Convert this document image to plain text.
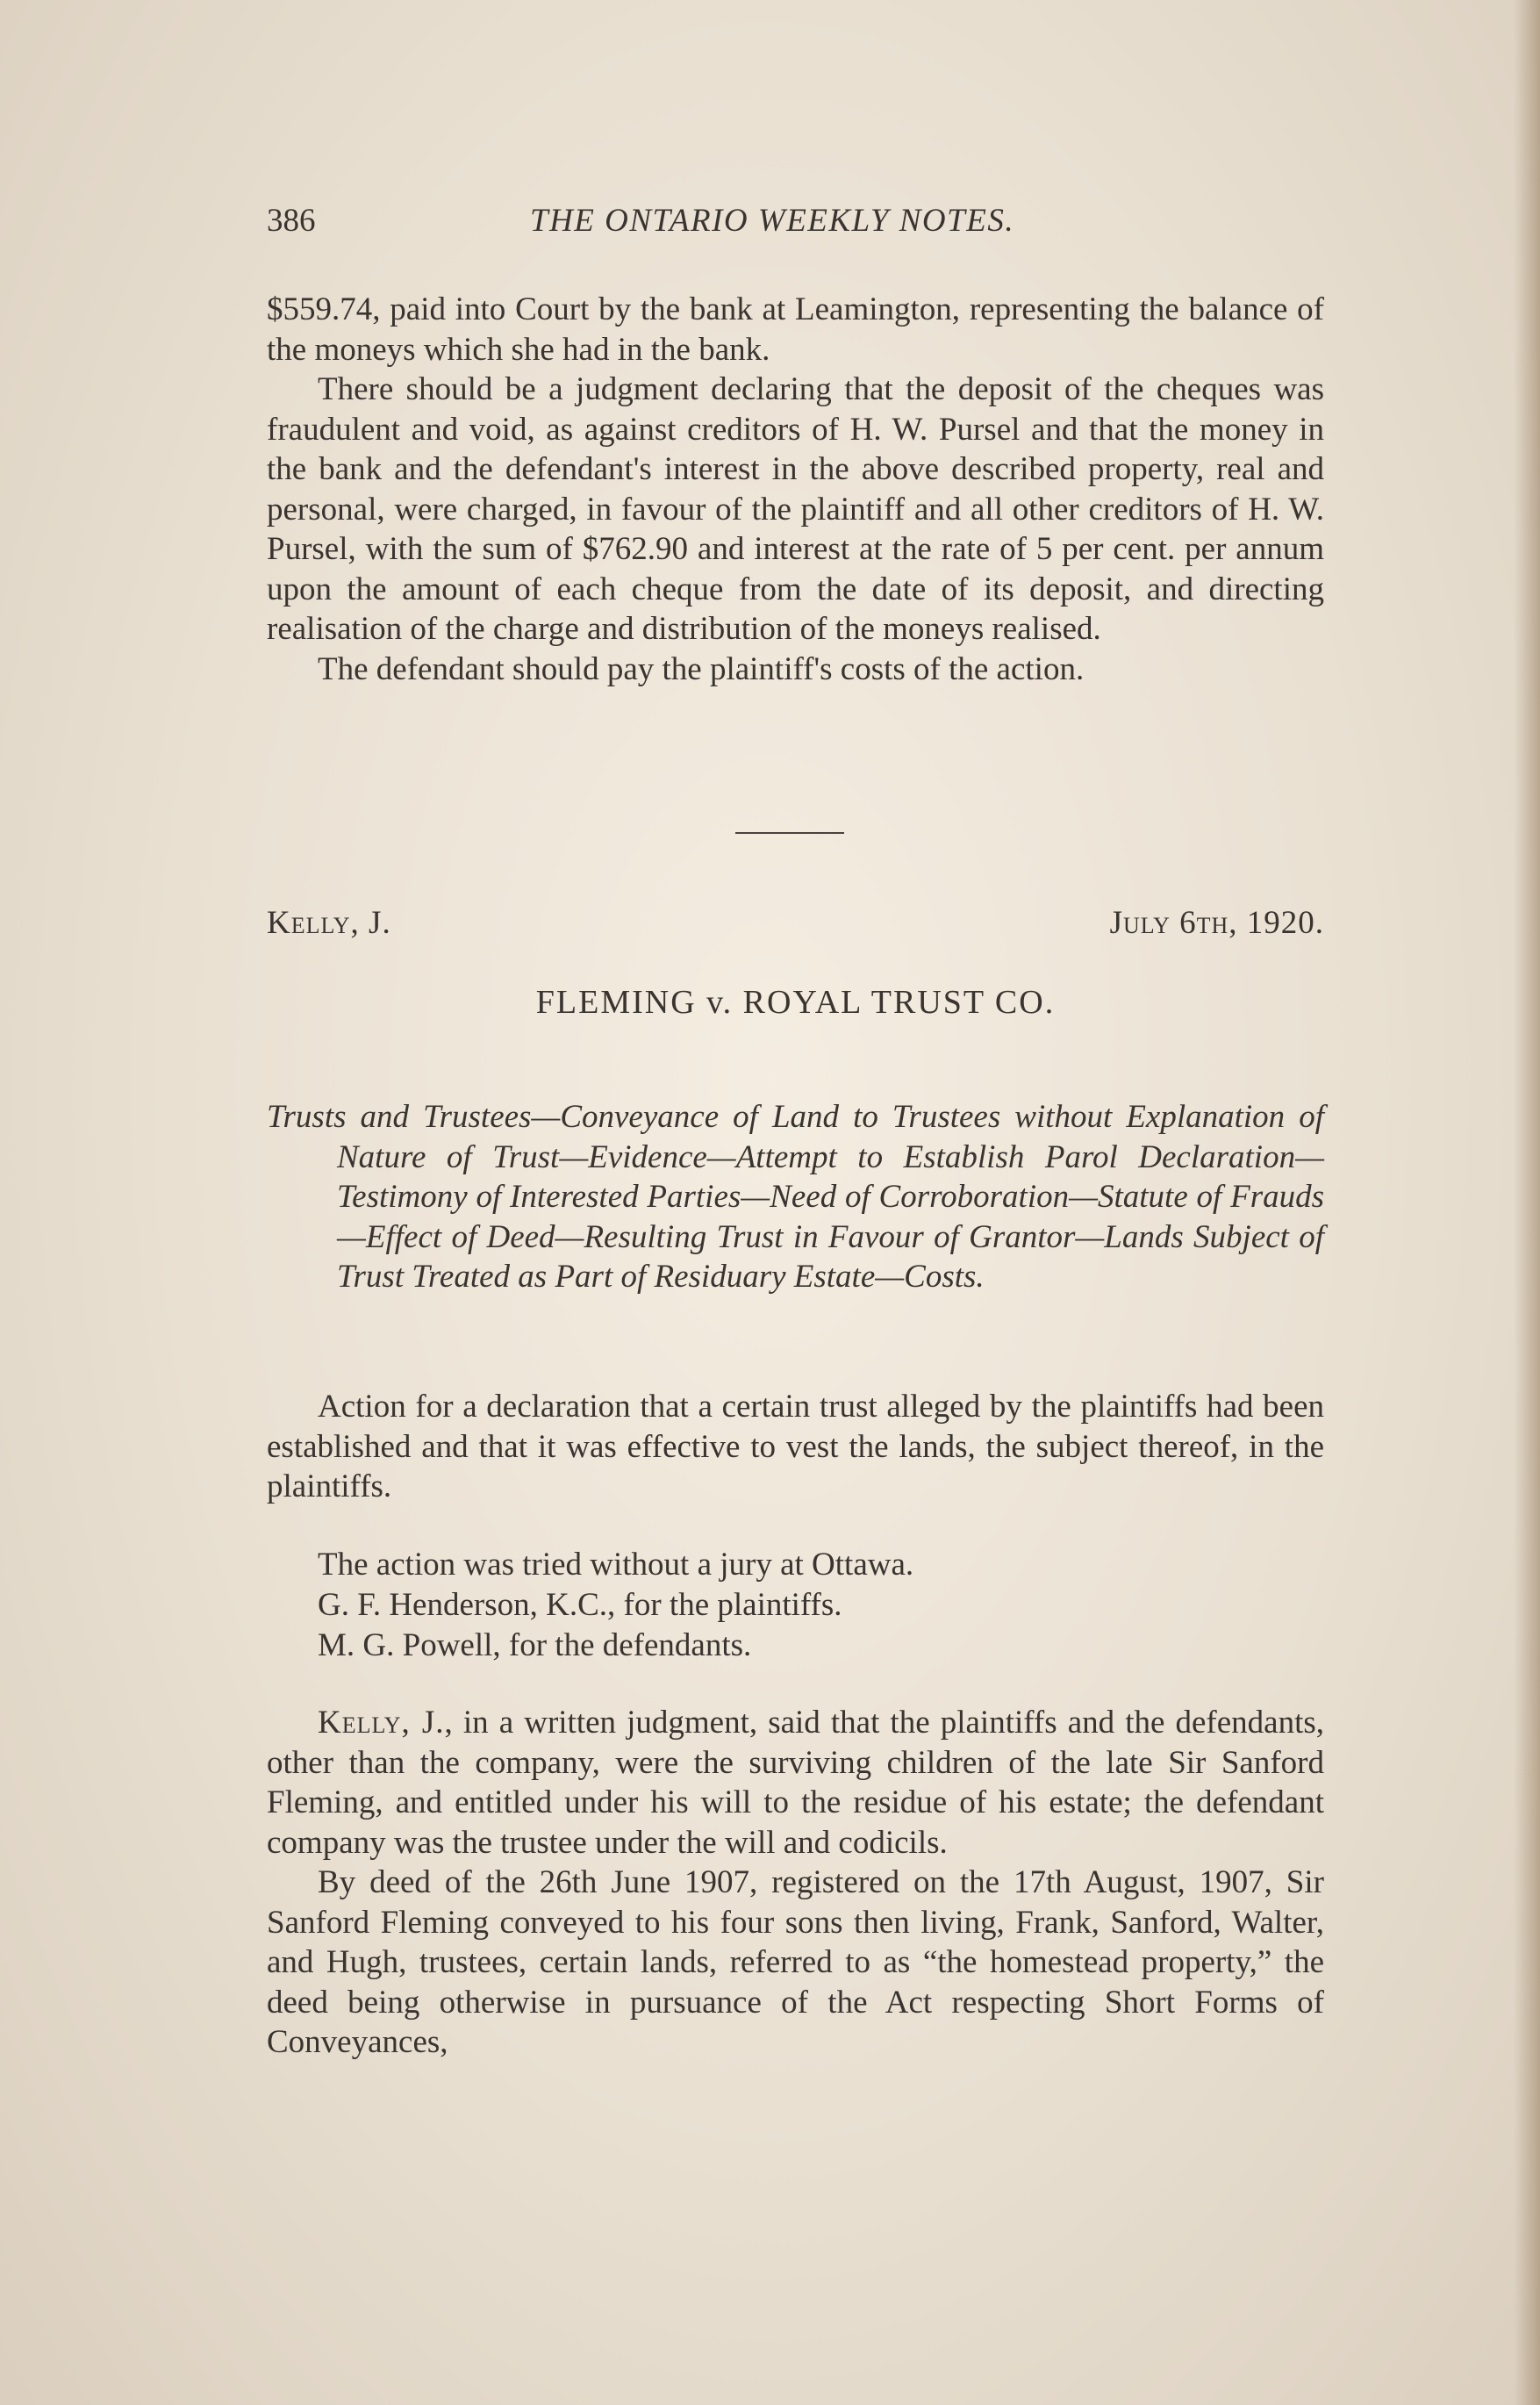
386	THE ONTARIO WEEKLY NOTES.

$559.74, paid into Court by the bank at Leamington, representing the balance of the moneys which she had in the bank.

There should be a judgment declaring that the deposit of the cheques was fraudulent and void, as against creditors of H. W. Pursel and that the money in the bank and the defendant's interest in the above described property, real and personal, were charged, in favour of the plaintiff and all other creditors of H. W. Pursel, with the sum of $762.90 and interest at the rate of 5 per cent. per annum upon the amount of each cheque from the date of its deposit, and directing realisation of the charge and distribution of the moneys realised.

The defendant should pay the plaintiff's costs of the action.

Kelly, J.	July 6th, 1920.
FLEMING v. ROYAL TRUST CO.
Trusts and Trustees—Conveyance of Land to Trustees without Explanation of Nature of Trust—Evidence—Attempt to Establish Parol Declaration—Testimony of Interested Parties—Need of Corroboration—Statute of Frauds—Effect of Deed—Resulting Trust in Favour of Grantor—Lands Subject of Trust Treated as Part of Residuary Estate—Costs.

Action for a declaration that a certain trust alleged by the plaintiffs had been established and that it was effective to vest the lands, the subject thereof, in the plaintiffs.

The action was tried without a jury at Ottawa.
G. F. Henderson, K.C., for the plaintiffs.
M. G. Powell, for the defendants.

Kelly, J., in a written judgment, said that the plaintiffs and the defendants, other than the company, were the surviving children of the late Sir Sanford Fleming, and entitled under his will to the residue of his estate; the defendant company was the trustee under the will and codicils.

By deed of the 26th June 1907, registered on the 17th August, 1907, Sir Sanford Fleming conveyed to his four sons then living, Frank, Sanford, Walter, and Hugh, trustees, certain lands, referred to as “the homestead property,” the deed being otherwise in pursuance of the Act respecting Short Forms of Conveyances,
